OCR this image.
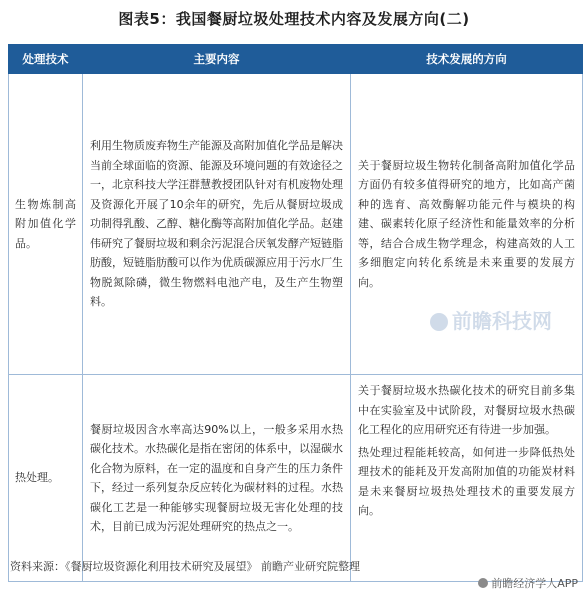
图表5：我国餐厨垃圾处理技术内容及发展方向(二)
处理技术	主要内容	技术发展的方向
生物炼制高附加值化学品。	利用生物质废弃物生产能源及高附加值化学品是解决当前全球面临的资源、能源及环境问题的有效途径之一，北京科技大学汪群慧教授团队针对有机废物处理及资源化开展了10余年的研究，先后从餐厨垃圾成功制得乳酸、乙醇、糖化酶等高附加值化学品。赵建伟研究了餐厨垃圾和剩余污泥混合厌氧发酵产短链脂肪酸，短链脂肪酸可以作为优质碳源应用于污水厂生物脱氮除磷，微生物燃料电池产电，及生产生物塑料。	关于餐厨垃圾生物转化制备高附加值化学品方面仍有较多值得研究的地方，比如高产菌种的选育、高效酶解功能元件与模块的构建、碳素转化原子经济性和能量效率的分析等，结合合成生物学理念，构建高效的人工多细胞定向转化系统是未来重要的发展方向。

热处理。	餐厨垃圾因含水率高达90%以上，一般多采用水热碳化技术。水热碳化是指在密闭的体系中，以湿碳水化合物为原料，在一定的温度和自身产生的压力条件下，经过一系列复杂反应转化为碳材料的过程。水热碳化工艺是一种能够实现餐厨垃圾无害化处理的技术，目前已成为污泥处理研究的热点之一。	关于餐厨垃圾水热碳化技术的研究目前多集中在实验室及中试阶段，对餐厨垃圾水热碳化工程化的应用研究还有待进一步加强。
热处理过程能耗较高，如何进一步降低热处理技术的能耗及开发高附加值的功能炭材料是未来餐厨垃圾热处理技术的重要发展方向。
前瞻科技网
资料来源：《餐厨垃圾资源化利用技术研究及展望》 前瞻产业研究院整理
前瞻经济学人APP
